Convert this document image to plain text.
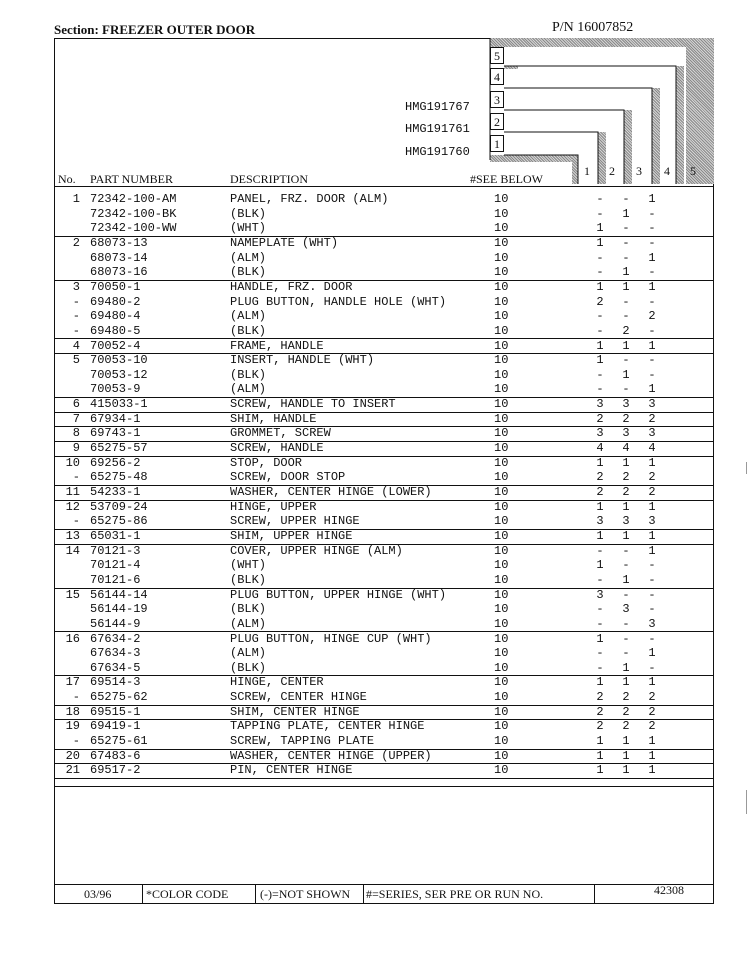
Section: FREEZER OUTER DOOR	P/N 16007852
5
4
3
2
1
HMG191767
HMG191761
HMG191760
No. PART NUMBER	DESCRIPTION	#SEE BELOW
1 2 3 4 5
1 72342-100-AM	PANEL, FRZ. DOOR (ALM)	10	-	-	1
72342-100-BK	(BLK)	10	-	1	-
72342-100-WW	(WHT)	10	1	-	-
2 68073-13	NAMEPLATE (WHT)	10	1	-	-
68073-14	(ALM)	10	-	-	1
68073-16	(BLK)	10	-	1	-
3 70050-1	HANDLE, FRZ. DOOR	10	1	1	1
- 69480-2	PLUG BUTTON, HANDLE HOLE (WHT)	10	2	-	-
- 69480-4	(ALM)	10	-	-	2
- 69480-5	(BLK)	10	-	2	-
4 70052-4	FRAME, HANDLE	10	1	1	1
5 70053-10	INSERT, HANDLE (WHT)	10	1	-	-
70053-12	(BLK)	10	-	1	-
70053-9	(ALM)	10	-	-	1
6 415033-1	SCREW, HANDLE TO INSERT	10	3	3	3
7 67934-1	SHIM, HANDLE	10	2	2	2
8 69743-1	GROMMET, SCREW	10	3	3	3
9 65275-57	SCREW, HANDLE	10	4	4	4
10 69256-2	STOP, DOOR	10	1	1	1
- 65275-48	SCREW, DOOR STOP	10	2	2	2
11 54233-1	WASHER, CENTER HINGE (LOWER)	10	2	2	2
12 53709-24	HINGE, UPPER	10	1	1	1
- 65275-86	SCREW, UPPER HINGE	10	3	3	3
13 65031-1	SHIM, UPPER HINGE	10	1	1	1
14 70121-3	COVER, UPPER HINGE (ALM)	10	-	-	1
70121-4	(WHT)	10	1	-	-
70121-6	(BLK)	10	-	1	-
15 56144-14	PLUG BUTTON, UPPER HINGE (WHT)	10	3	-	-
56144-19	(BLK)	10	-	3	-
56144-9	(ALM)	10	-	-	3
16 67634-2	PLUG BUTTON, HINGE CUP (WHT)	10	1	-	-
67634-3	(ALM)	10	-	-	1
67634-5	(BLK)	10	-	1	-
17 69514-3	HINGE, CENTER	10	1	1	1
- 65275-62	SCREW, CENTER HINGE	10	2	2	2
18 69515-1	SHIM, CENTER HINGE	10	2	2	2
19 69419-1	TAPPING PLATE, CENTER HINGE	10	2	2	2
- 65275-61	SCREW, TAPPING PLATE	10	1	1	1
20 67483-6	WASHER, CENTER HINGE (UPPER)	10	1	1	1
21 69517-2	PIN, CENTER HINGE	10	1	1	1
03/96	*COLOR CODE	(-)=NOT SHOWN #=SERIES, SER PRE OR RUN NO.	42308
